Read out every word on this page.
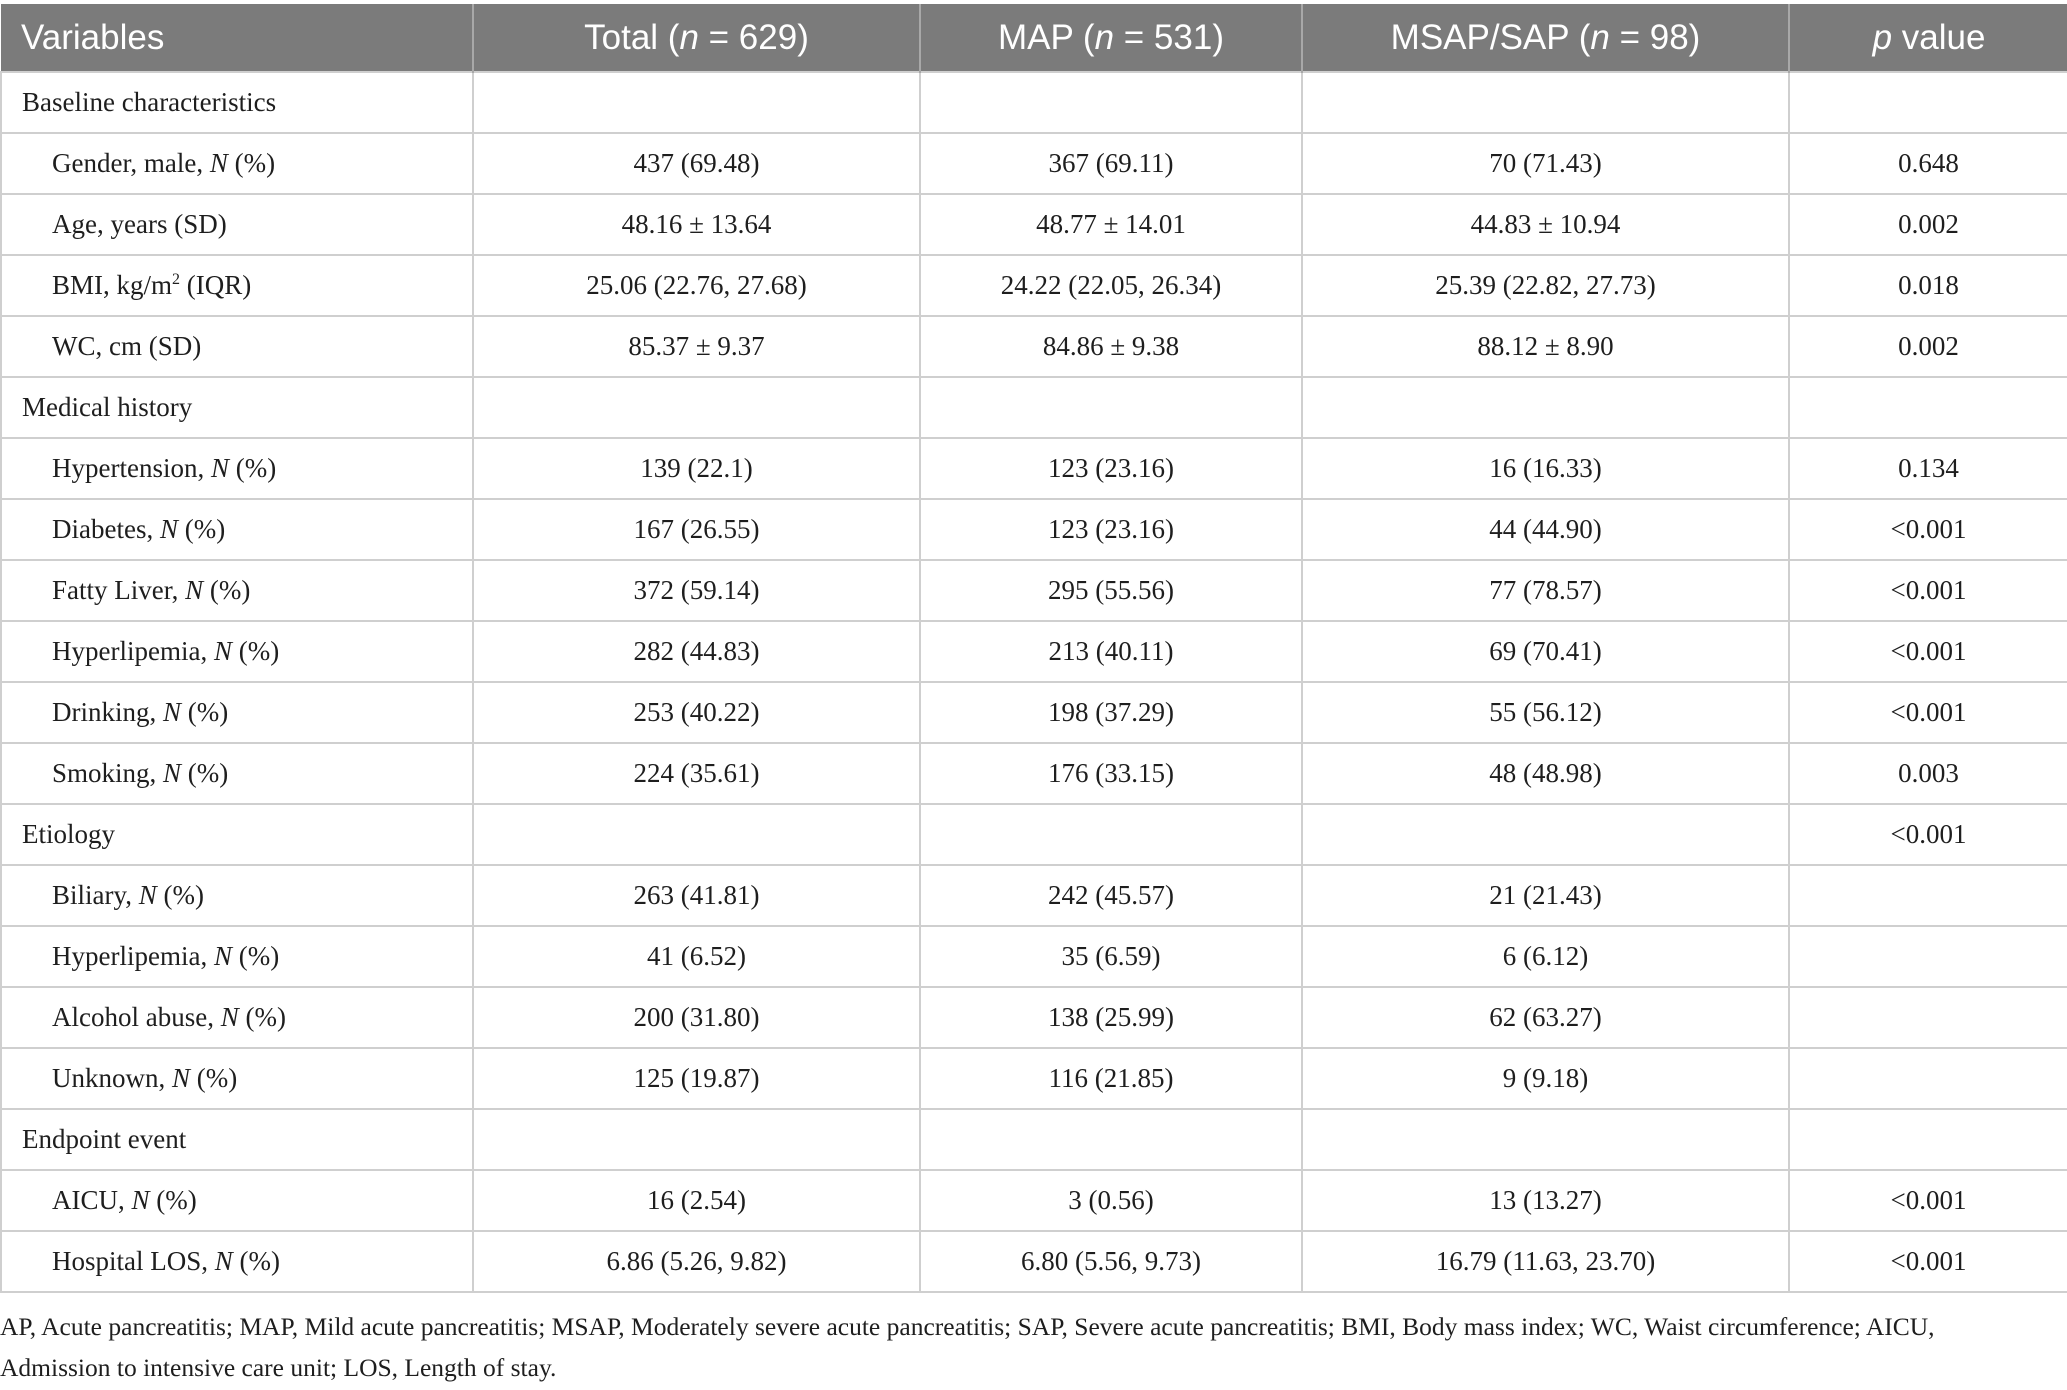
Variables	Total (n = 629)	MAP (n = 531)	MSAP/SAP (n = 98)	p value
Baseline characteristics				
Gender, male, N (%)	437 (69.48)	367 (69.11)	70 (71.43)	0.648
Age, years (SD)	48.16 ± 13.64	48.77 ± 14.01	44.83 ± 10.94	0.002
BMI, $kg/m^2$ (IQR)	25.06 (22.76, 27.68)	24.22 (22.05, 26.34)	25.39 (22.82, 27.73)	0.018
WC, cm (SD)	85.37 ± 9.37	84.86 ± 9.38	88.12 ± 8.90	0.002
Medical history				
Hypertension, N (%)	139 (22.1)	123 (23.16)	16 (16.33)	0.134
Diabetes, N (%)	167 (26.55)	123 (23.16)	44 (44.90)	<0.001
Fatty Liver, N (%)	372 (59.14)	295 (55.56)	77 (78.57)	<0.001
Hyperlipemia, N (%)	282 (44.83)	213 (40.11)	69 (70.41)	<0.001
Drinking, N (%)	253 (40.22)	198 (37.29)	55 (56.12)	<0.001
Smoking, N (%)	224 (35.61)	176 (33.15)	48 (48.98)	0.003
Etiology				<0.001
Biliary, N (%)	263 (41.81)	242 (45.57)	21 (21.43)	
Hyperlipemia, N (%)	41 (6.52)	35 (6.59)	6 (6.12)	
Alcohol abuse, N (%)	200 (31.80)	138 (25.99)	62 (63.27)	
Unknown, N (%)	125 (19.87)	116 (21.85)	9 (9.18)	
Endpoint event				
AICU, N (%)	16 (2.54)	3 (0.56)	13 (13.27)	<0.001
Hospital LOS, N (%)	6.86 (5.26, 9.82)	6.80 (5.56, 9.73)	16.79 (11.63, 23.70)	<0.001
AP, Acute pancreatitis; MAP, Mild acute pancreatitis; MSAP, Moderately severe acute pancreatitis; SAP, Severe acute pancreatitis; BMI, Body mass index; WC, Waist circumference; AICU, Admission to intensive care unit; LOS, Length of stay.
